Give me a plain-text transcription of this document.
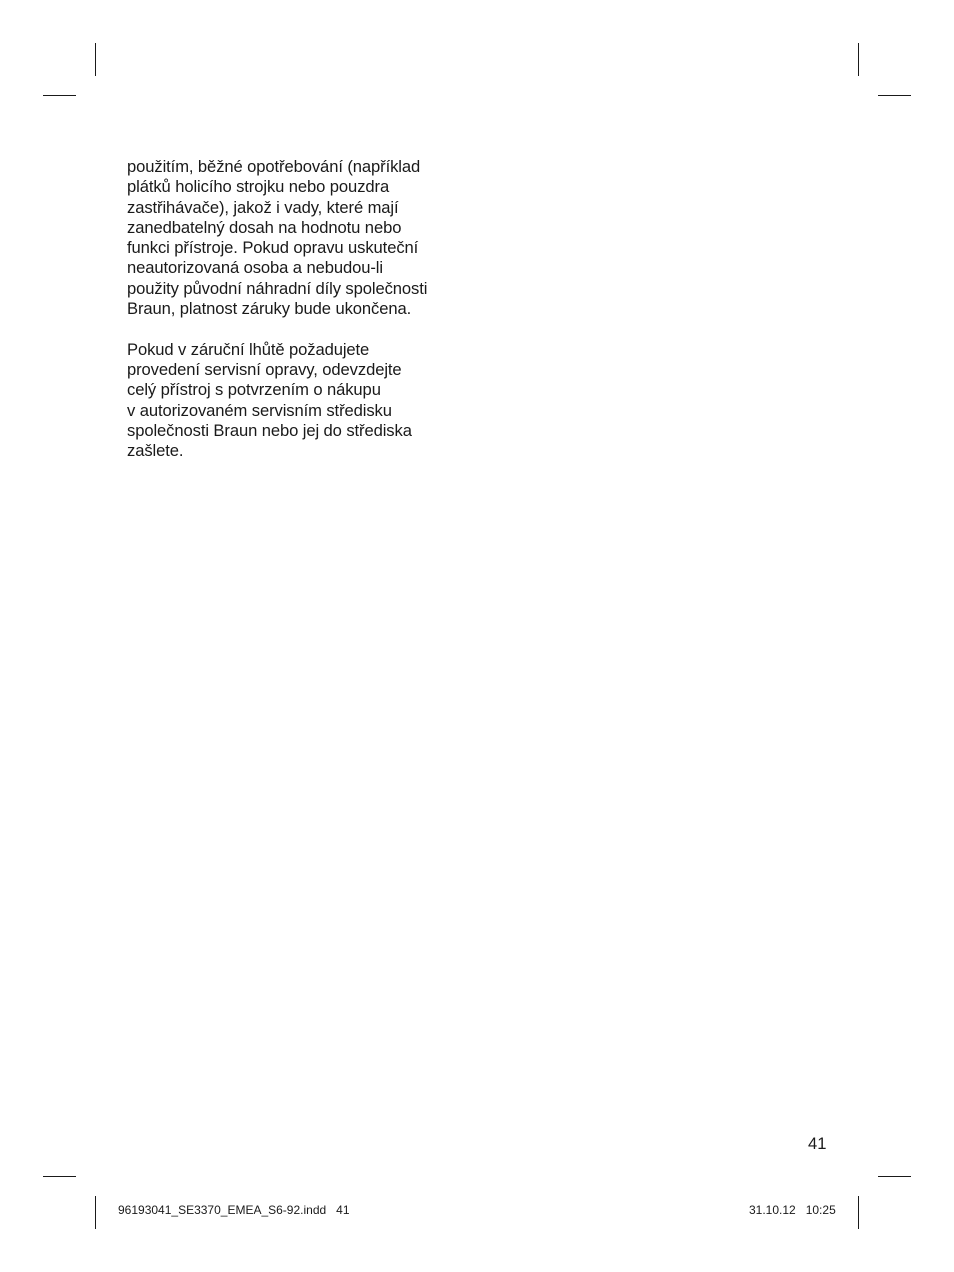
použitím, běžné opotřebování (například
plátků holicího strojku nebo pouzdra
zastřihávače), jakož i vady, které mají
zanedbatelný dosah na hodnotu nebo
funkci přístroje. Pokud opravu uskuteční
neautorizovaná osoba a nebudou-li
použity původní náhradní díly společnosti
Braun, platnost záruky bude ukončena.

Pokud v záruční lhůtě požadujete
provedení servisní opravy, odevzdejte
celý přístroj s potvrzením o nákupu
v autorizovaném servisním středisku
společnosti Braun nebo jej do střediska
zašlete.

41
96193041_SE3370_EMEA_S6-92.indd   41	31.10.12   10:25
